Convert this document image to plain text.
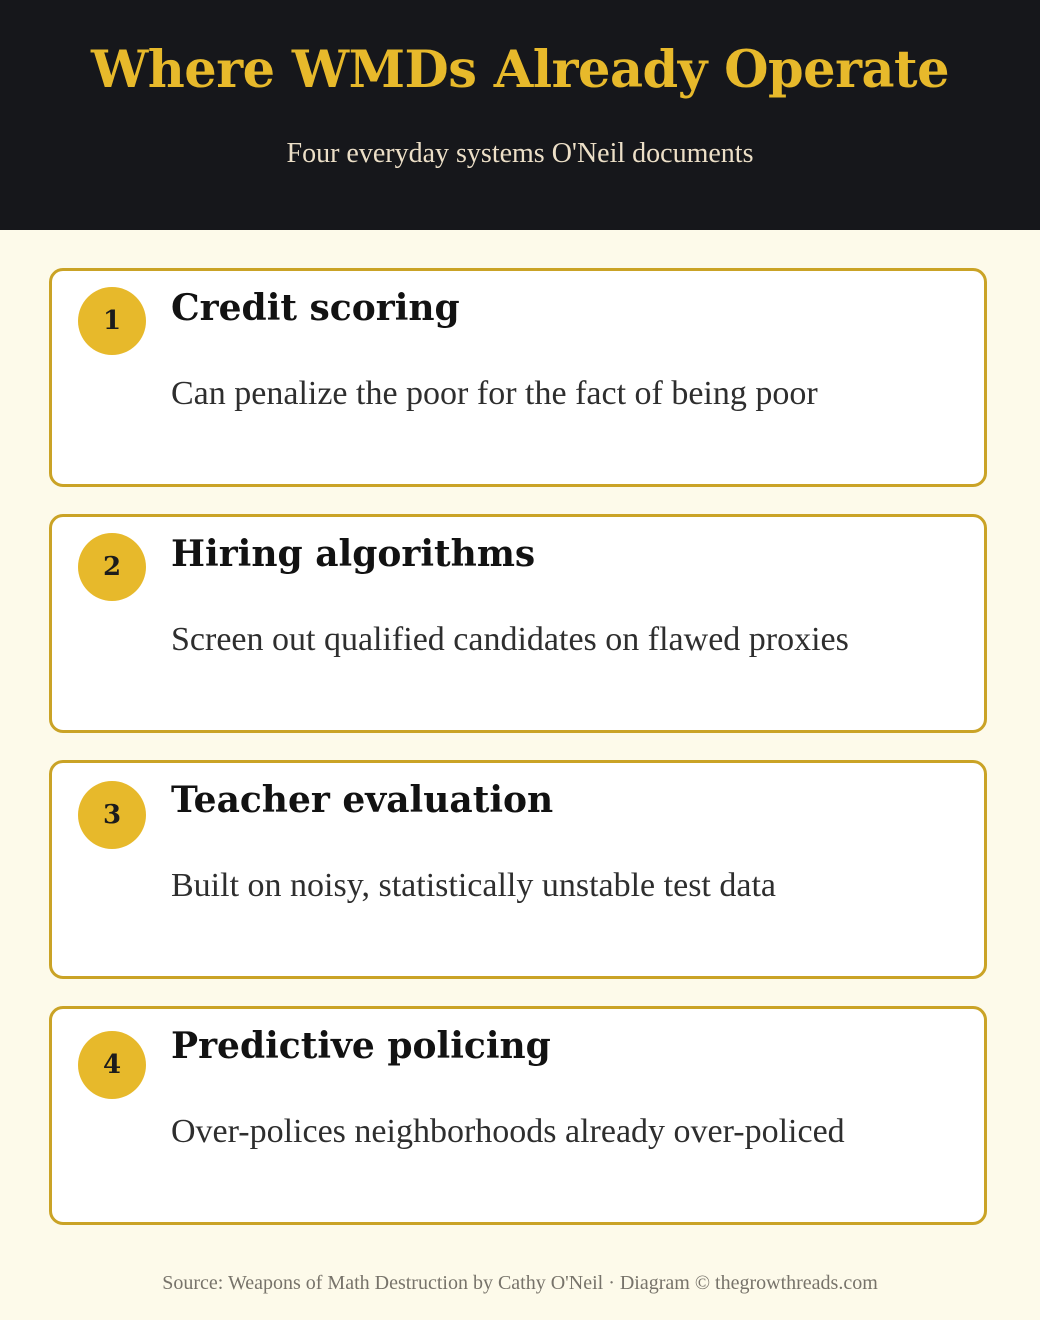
Where WMDs Already Operate
Four everyday systems O'Neil documents
1	Credit scoring
Can penalize the poor for the fact of being poor
2	Hiring algorithms
Screen out qualified candidates on flawed proxies
3	Teacher evaluation
Built on noisy, statistically unstable test data
4	Predictive policing
Over-polices neighborhoods already over-policed
Source: Weapons of Math Destruction by Cathy O'Neil · Diagram © thegrowthreads.com
